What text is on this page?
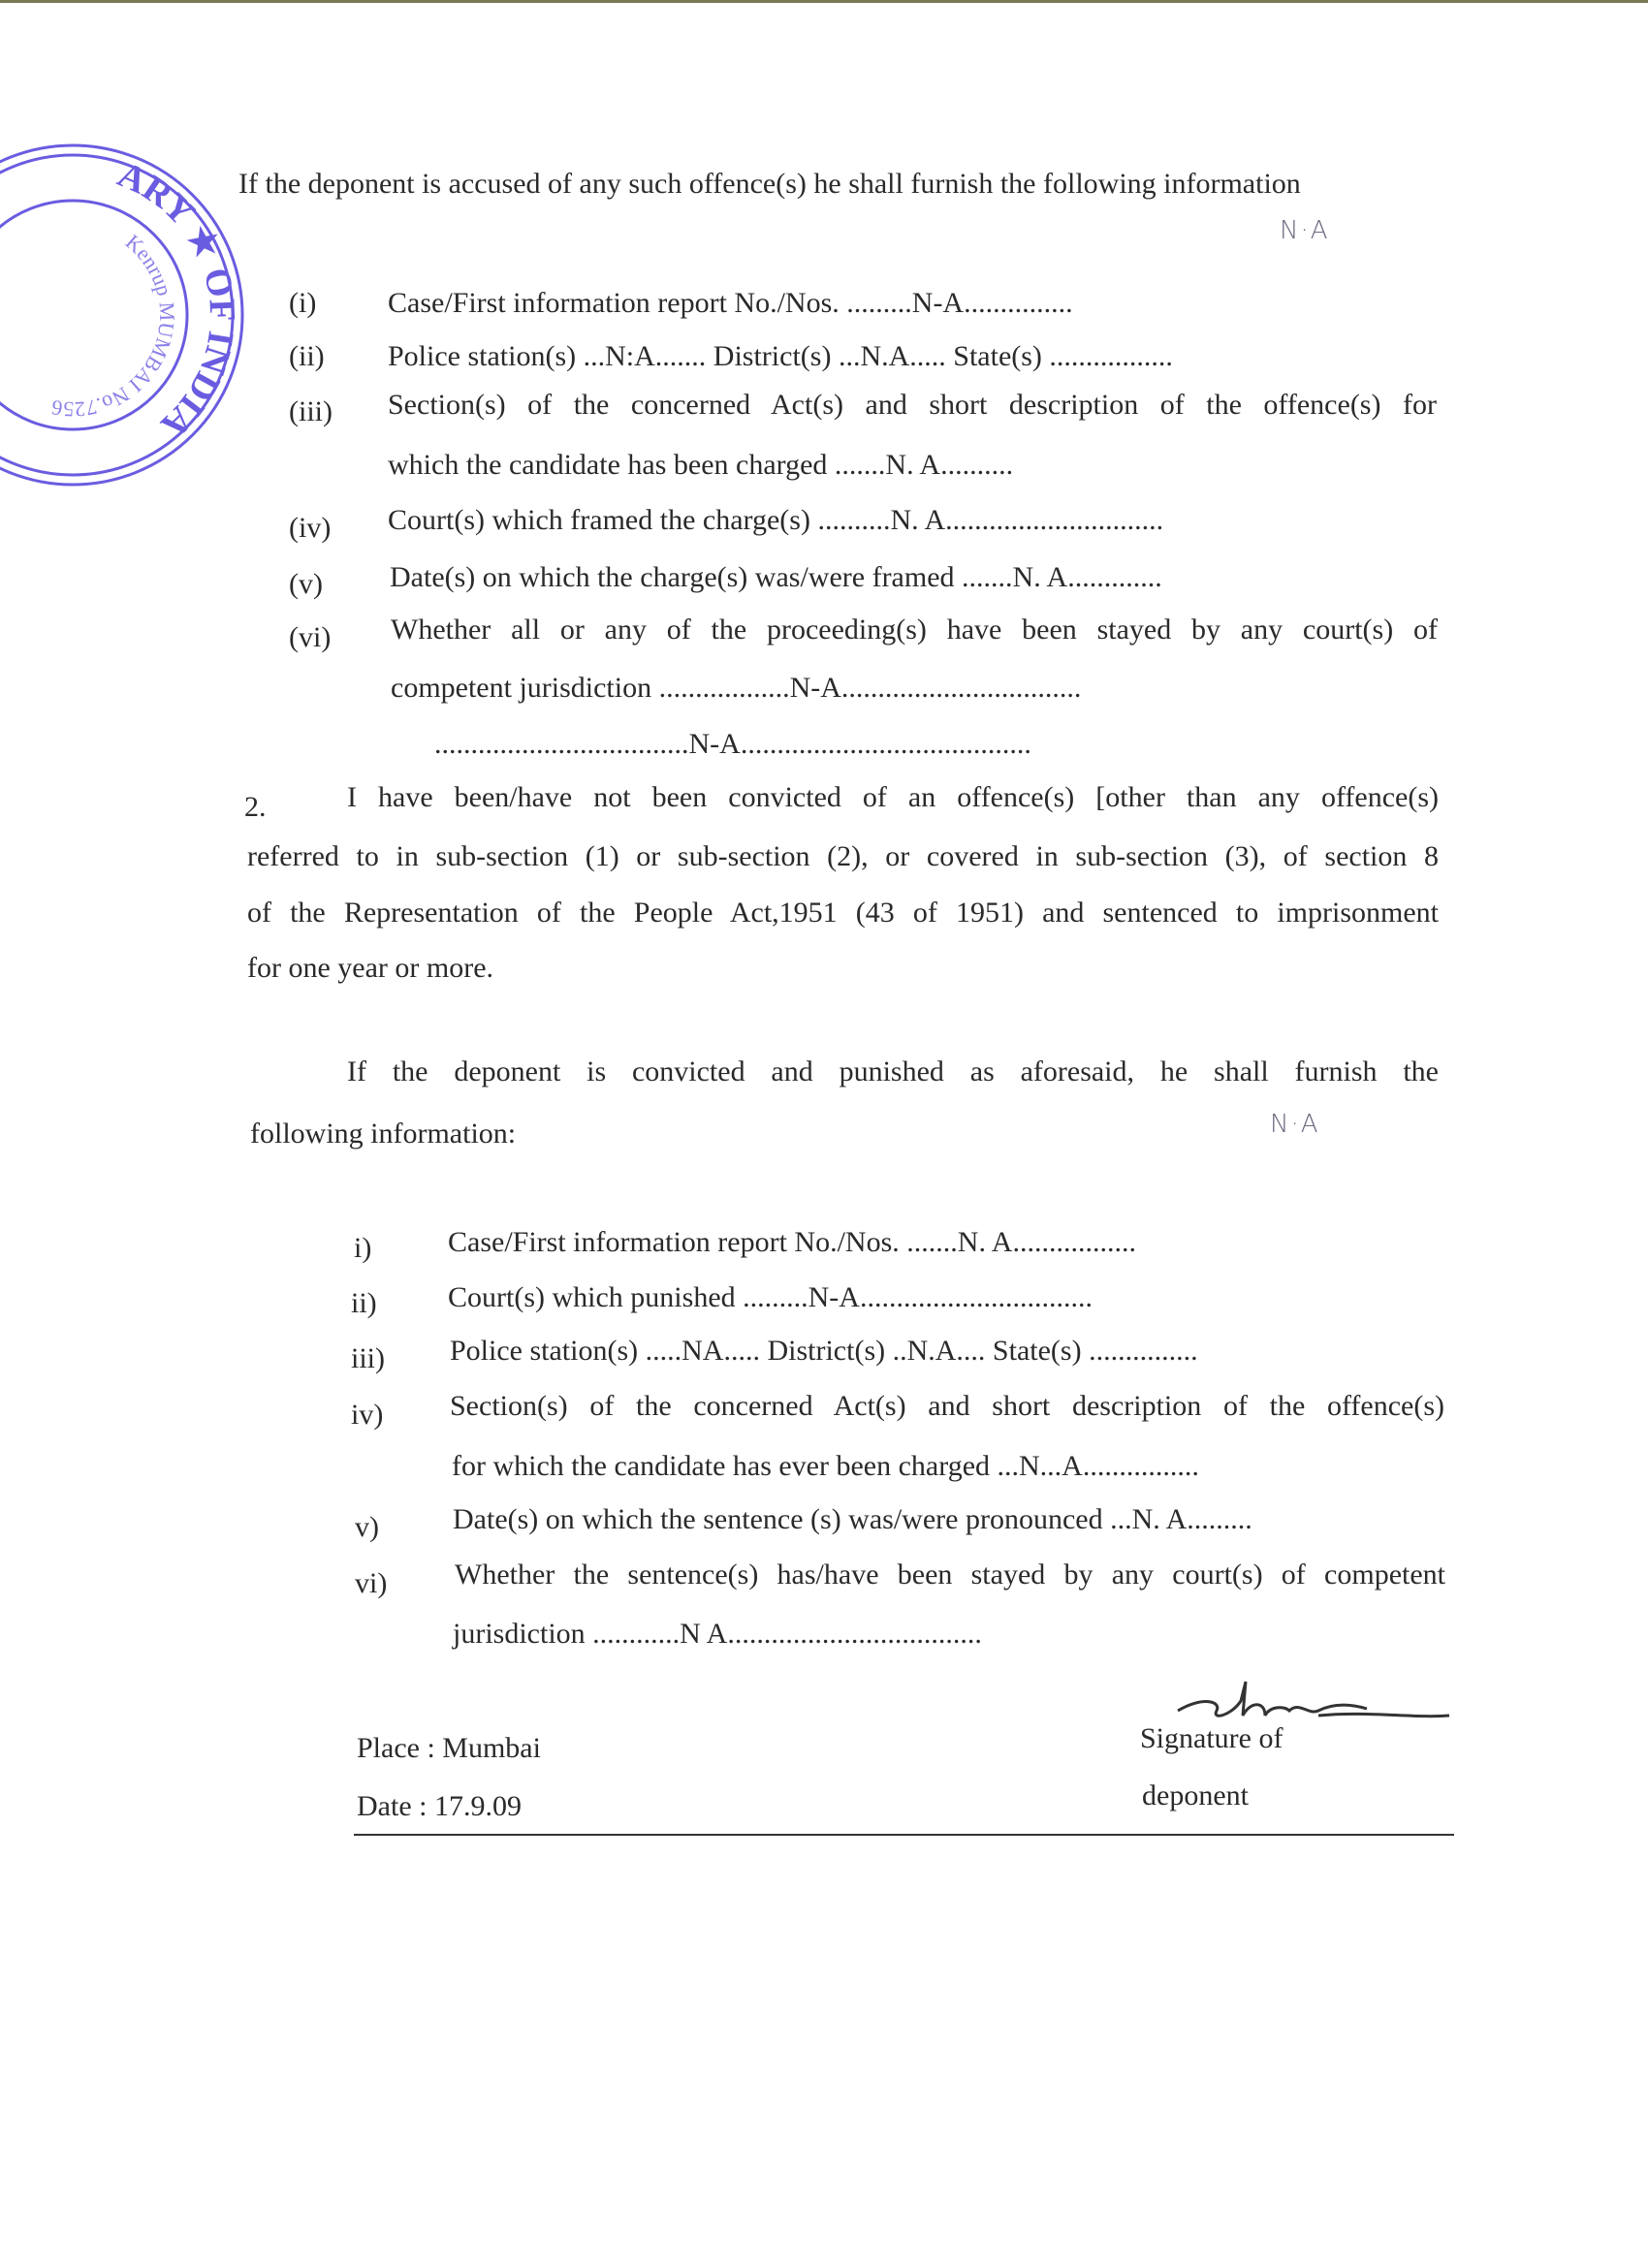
ARY ★ OF INDIA
Kenrup MUMBAI No.7256
If the deponent is accused of any such offence(s) he shall furnish the following information
N·A
(i) Case/First information report No./Nos. .........N-A...............
(ii) Police station(s) ...N:A....... District(s) ...N.A..... State(s) .................
(iii) Section(s) of the concerned Act(s) and short description of the offence(s) for
which the candidate has been charged .......N. A..........
(iv) Court(s) which framed the charge(s) ..........N. A..............................
(v) Date(s) on which the charge(s) was/were framed .......N. A.............
(vi) Whether all or any of the proceeding(s) have been stayed by any court(s) of
competent jurisdiction ..................N-A.................................
...................................N-A........................................
2.	I have been/have not been convicted of an offence(s) [other than any offence(s)
referred to in sub-section (1) or sub-section (2), or covered in sub-section (3), of section 8
of the Representation of the People Act,1951 (43 of 1951) and sentenced to imprisonment
for one year or more.
If the deponent is convicted and punished as aforesaid, he shall furnish the
following information:	N·A
i)	Case/First information report No./Nos. .......N. A.................
ii) Court(s) which punished .........N-A................................
iii) Police station(s) .....NA..... District(s) ..N.A.... State(s) ...............
iv) Section(s) of the concerned Act(s) and short description of the offence(s)
for which the candidate has ever been charged ...N...A................
v)	Date(s) on which the sentence (s) was/were pronounced ...N. A.........
vi) Whether the sentence(s) has/have been stayed by any court(s) of competent
jurisdiction ............N A...................................
Place : Mumbai
Date : 17.9.09
Signature of
deponent
